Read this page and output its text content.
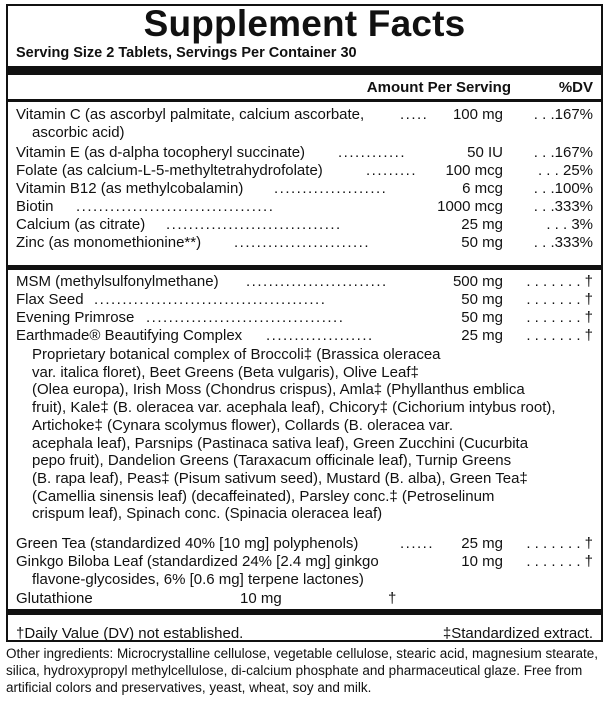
Supplement Facts
Serving Size 2 Tablets, Servings Per Container 30
Amount Per Serving	%DV
Vitamin C (as ascorbyl palmitate, calcium ascorbate, ..... 100 mg . . .167%
ascorbic acid)
Vitamin E (as d-alpha tocopheryl succinate) ............	50 IU . . .167%
Folate (as calcium-L-5-methyltetrahydrofolate)	......... 100 mcg . . . 25%
Vitamin B12 (as methylcobalamin) ....................	6 mcg . . .100%
Biotin ...................................	1000 mcg . . .333%
Calcium (as citrate) ...............................	25 mg	. . . 3%
Zinc (as monomethionine**) ........................	50 mg . . .333%
MSM (methylsulfonylmethane) .........................	500 mg . . . . . . . †
Flax Seed .........................................	50 mg . . . . . . . †
Evening Primrose ...................................	50 mg . . . . . . . †
Earthmade® Beautifying Complex ...................	25 mg . . . . . . . †
Green Tea (standardized 40% [10 mg] polyphenols)	...... 25 mg . . . . . . . †
Ginkgo Biloba Leaf (standardized 24% [2.4 mg] ginkgo	10 mg . . . . . . . †
flavone-glycosides, 6% [0.6 mg] terpene lactones)
Glutathione	10 mg	†
Proprietary botanical complex of Broccoli‡ (Brassica oleracea
var. italica floret), Beet Greens (Beta vulgaris), Olive Leaf‡
(Olea europa), Irish Moss (Chondrus crispus), Amla‡ (Phyllanthus emblica
fruit), Kale‡ (B. oleracea var. acephala leaf), Chicory‡ (Cichorium intybus root),
Artichoke‡ (Cynara scolymus flower), Collards (B. oleracea var.
acephala leaf), Parsnips (Pastinaca sativa leaf), Green Zucchini (Cucurbita
pepo fruit), Dandelion Greens (Taraxacum officinale leaf), Turnip Greens
(B. rapa leaf), Peas‡ (Pisum sativum seed), Mustard (B. alba), Green Tea‡
(Camellia sinensis leaf) (decaffeinated), Parsley conc.‡ (Petroselinum
crispum leaf), Spinach conc. (Spinacia oleracea leaf)
†Daily Value (DV) not established.	‡Standardized extract.
Other ingredients: Microcrystalline cellulose, vegetable cellulose, stearic acid, magnesium stearate, silica, hydroxypropyl methylcellulose, di-calcium phosphate and pharmaceutical glaze. Free from artificial colors and preservatives, yeast, wheat, soy and milk.
